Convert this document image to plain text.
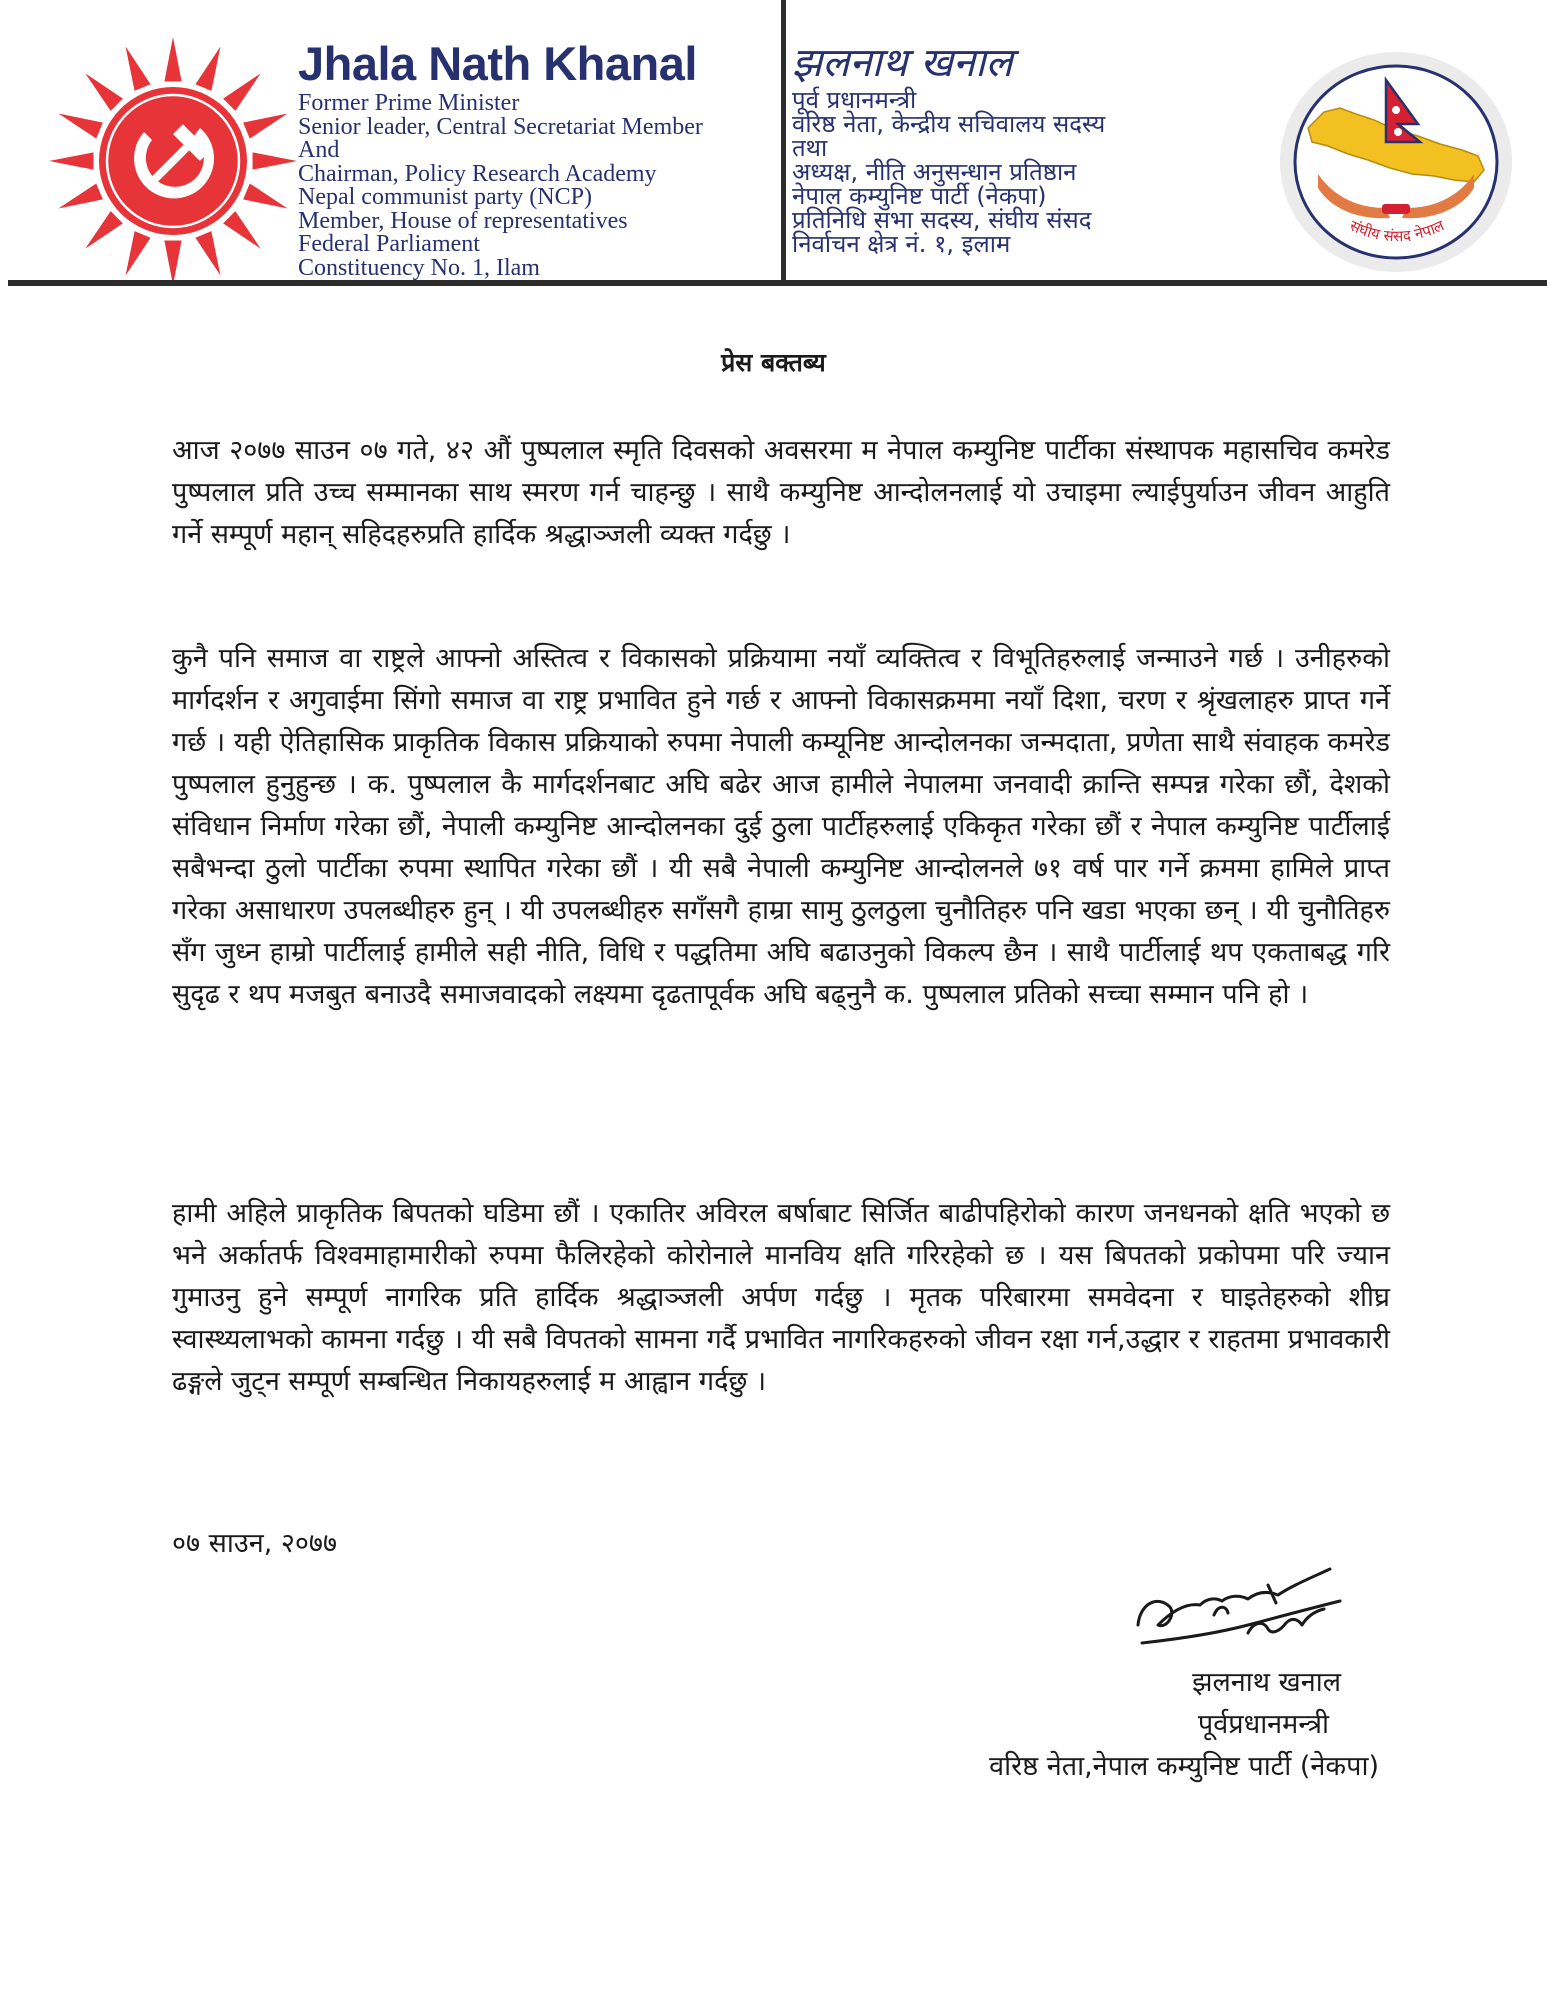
Jhala Nath Khanal
Former Prime Minister
Senior leader, Central Secretariat Member
And
Chairman, Policy Research Academy
Nepal communist party (NCP)
Member, House of representatives
Federal Parliament
Constituency No. 1, Ilam
झलनाथ खनाल
पूर्व प्रधानमन्त्री
वरिष्ठ नेता, केन्द्रीय सचिवालय सदस्य
तथा
अध्यक्ष, नीति अनुसन्धान प्रतिष्ठान
नेपाल कम्युनिष्ट पार्टी (नेकपा)
प्रतिनिधि सभा सदस्य, संघीय संसद
निर्वाचन क्षेत्र नं. १, इलाम
संघीय संसद नेपाल
प्रेस बक्तब्य

आज २०७७ साउन ०७ गते, ४२ औं पुष्पलाल स्मृति दिवसको अवसरमा म नेपाल कम्युनिष्ट पार्टीका संस्थापक महासचिव कमरेड पुष्पलाल प्रति उच्च सम्मानका साथ स्मरण गर्न चाहन्छु । साथै कम्युनिष्ट आन्दोलनलाई यो उचाइमा ल्याईपुर्याउन जीवन आहुति गर्ने सम्पूर्ण महान् सहिदहरुप्रति हार्दिक श्रद्धाञ्जली व्यक्त गर्दछु ।

कुनै पनि समाज वा राष्ट्रले आफ्नो अस्तित्व र विकासको प्रक्रियामा नयाँ व्यक्तित्व र विभूतिहरुलाई जन्माउने गर्छ । उनीहरुको मार्गदर्शन र अगुवाईमा सिंगो समाज वा राष्ट्र प्रभावित हुने गर्छ र आफ्नो विकासक्रममा नयाँ दिशा, चरण र श्रृंखलाहरु प्राप्त गर्ने गर्छ । यही ऐतिहासिक प्राकृतिक विकास प्रक्रियाको रुपमा नेपाली कम्यूनिष्ट आन्दोलनका जन्मदाता, प्रणेता साथै संवाहक कमरेड पुष्पलाल हुनुहुन्छ । क. पुष्पलाल कै मार्गदर्शनबाट अघि बढेर आज हामीले नेपालमा जनवादी क्रान्ति सम्पन्न गरेका छौं, देशको संविधान निर्माण गरेका छौं, नेपाली कम्युनिष्ट आन्दोलनका दुई ठुला पार्टीहरुलाई एकिकृत गरेका छौं र नेपाल कम्युनिष्ट पार्टीलाई सबैभन्दा ठुलो पार्टीका रुपमा स्थापित गरेका छौं । यी सबै नेपाली कम्युनिष्ट आन्दोलनले ७१ वर्ष पार गर्ने क्रममा हामिले प्राप्त गरेका असाधारण उपलब्धीहरु हुन् । यी उपलब्धीहरु सगँसगै हाम्रा सामु ठुलठुला चुनौतिहरु पनि खडा भएका छन् । यी चुनौतिहरु सँग जुध्न हाम्रो पार्टीलाई हामीले सही नीति, विधि र पद्धतिमा अघि बढाउनुको विकल्प छैन । साथै पार्टीलाई थप एकताबद्ध गरि सुदृढ र थप मजबुत बनाउदै समाजवादको लक्ष्यमा दृढतापूर्वक अघि बढ्नुनै क. पुष्पलाल प्रतिको सच्चा सम्मान पनि हो ।

हामी अहिले प्राकृतिक बिपतको घडिमा छौं । एकातिर अविरल बर्षाबाट सिर्जित बाढीपहिरोको कारण जनधनको क्षति भएको छ भने अर्कातर्फ विश्वमाहामारीको रुपमा फैलिरहेको कोरोनाले मानविय क्षति गरिरहेको छ । यस बिपतको प्रकोपमा परि ज्यान गुमाउनु हुने सम्पूर्ण नागरिक प्रति हार्दिक श्रद्धाञ्जली अर्पण गर्दछु । मृतक परिबारमा समवेदना र घाइतेहरुको शीघ्र स्वास्थ्यलाभको कामना गर्दछु । यी सबै विपतको सामना गर्दै प्रभावित नागरिकहरुको जीवन रक्षा गर्न,उद्धार र राहतमा प्रभावकारी ढङ्गले जुट्न सम्पूर्ण सम्बन्धित निकायहरुलाई म आह्वान गर्दछु ।

०७ साउन, २०७७
झलनाथ खनाल
पूर्वप्रधानमन्त्री
वरिष्ठ नेता,नेपाल कम्युनिष्ट पार्टी (नेकपा)
